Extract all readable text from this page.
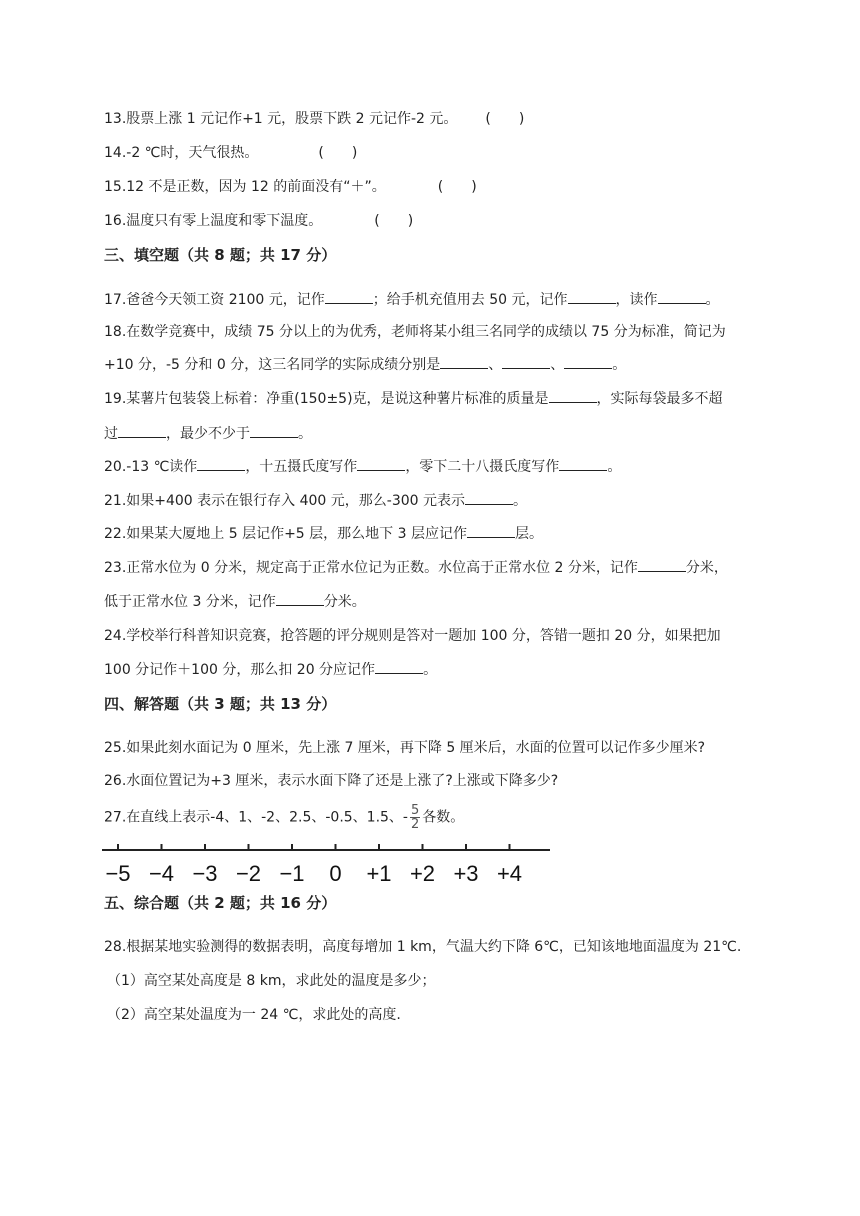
13.股票上涨 1 元记作+1 元，股票下跌 2 元记作-2 元。 (　　)
14.-2 ℃时，天气很热。	(　　)
15.12 不是正数，因为 12 的前面没有“＋”。	(　　)
16.温度只有零上温度和零下温度。	(　　)
三、填空题（共 8 题；共 17 分）
17.爸爸今天领工资 2100 元，记作	；给手机充值用去 50 元，记作	，读作	。
18.在数学竞赛中，成绩 75 分以上的为优秀，老师将某小组三名同学的成绩以 75 分为标准，简记为
+10 分，-5 分和 0 分，这三名同学的实际成绩分别是	、	、	。
19.某薯片包装袋上标着：净重(150±5)克，是说这种薯片标准的质量是	，实际每袋最多不超
过	，最少不少于	。
20.-13 ℃读作	，十五摄氏度写作	，零下二十八摄氏度写作	。
21.如果+400 表示在银行存入 400 元，那么-300 元表示	。
22.如果某大厦地上 5 层记作+5 层，那么地下 3 层应记作	层。
23.正常水位为 0 分米，规定高于正常水位记为正数。水位高于正常水位 2 分米，记作	分米，
低于正常水位 3 分米，记作	分米。
24.学校举行科普知识竞赛，抢答题的评分规则是答对一题加 100 分，答错一题扣 20 分，如果把加
100 分记作＋100 分，那么扣 20 分应记作	。
四、解答题（共 3 题；共 13 分）
25.如果此刻水面记为 0 厘米，先上涨 7 厘米，再下降 5 厘米后，水面的位置可以记作多少厘米?
26.水面位置记为+3 厘米，表示水面下降了还是上涨了?上涨或下降多少?
27.在直线上表示-4、1、-2、2.5、-0.5、1.5、- $\frac{5}{2}$ 各数。
−5 −4 −3 −2 −1 0 +1 +2 +3 +4
五、综合题（共 2 题；共 16 分）
28.根据某地实验测得的数据表明，高度每增加 1 km，气温大约下降 6℃，已知该地地面温度为 21℃.
（1）高空某处高度是 8 km，求此处的温度是多少；
（2）高空某处温度为一 24 ℃，求此处的高度.
